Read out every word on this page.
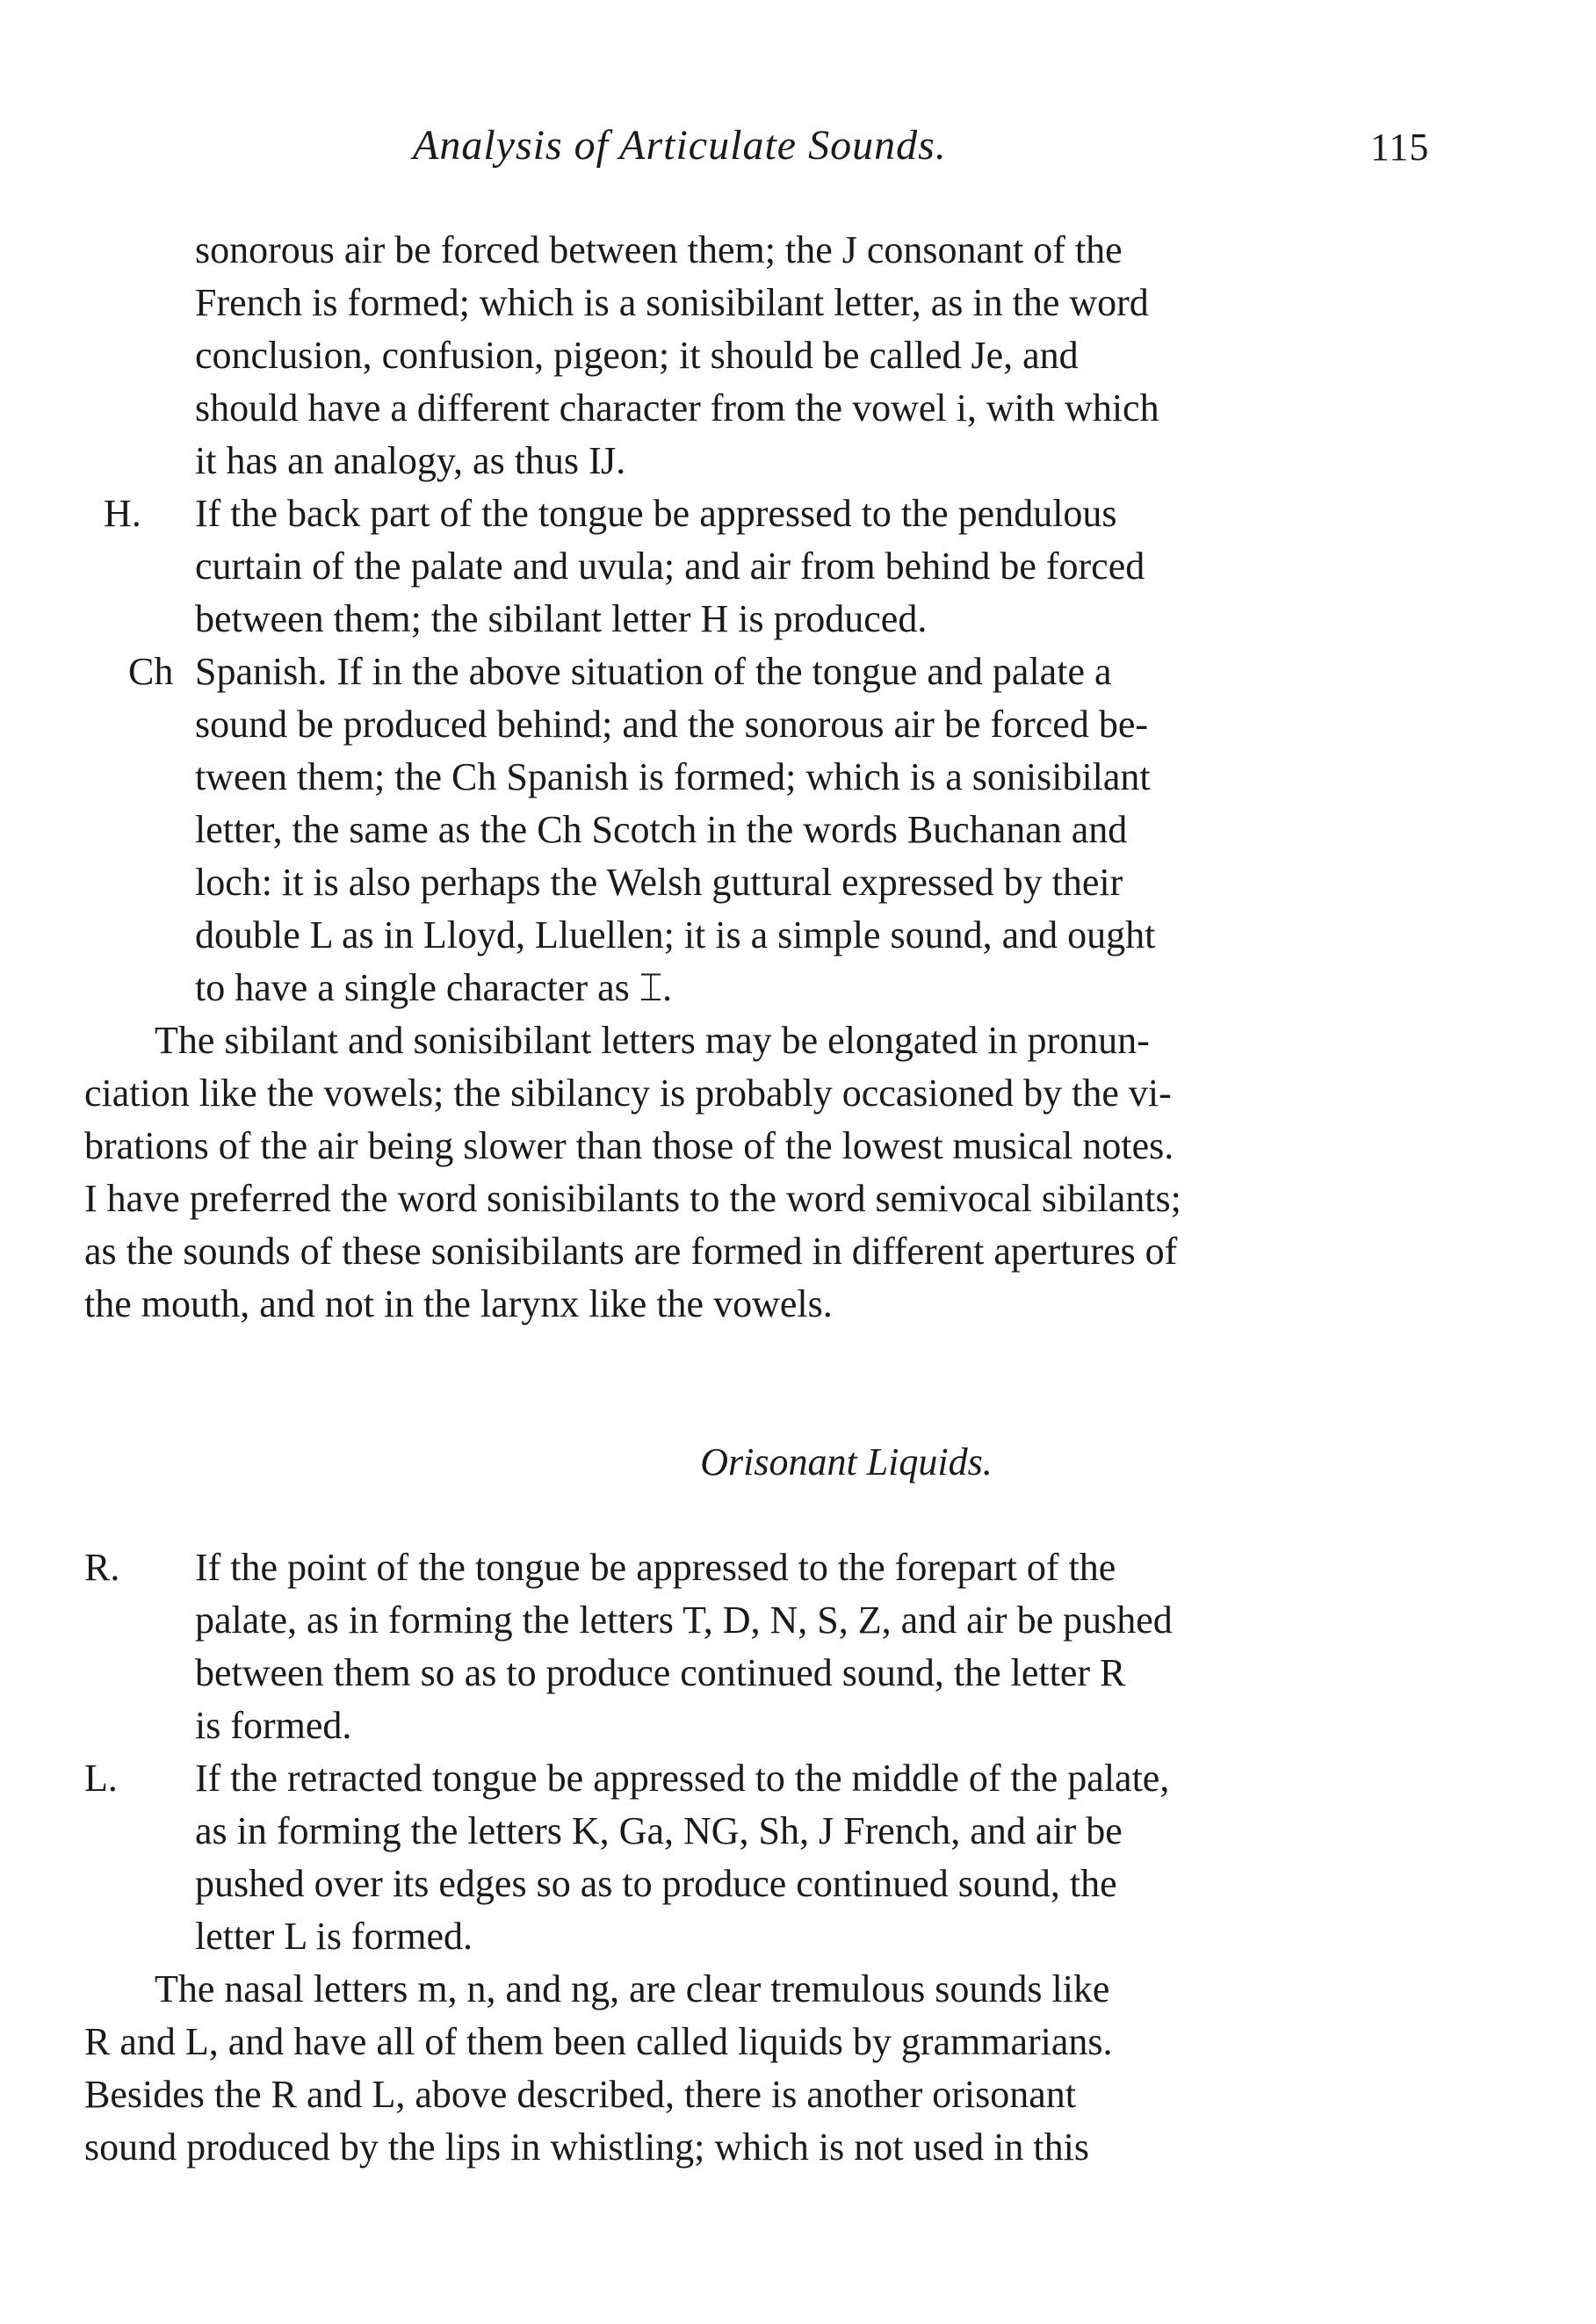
Analysis of Articulate Sounds.	115
sonorous air be forced between them; the J consonant of the
French is formed; which is a sonisibilant letter, as in the word
conclusion, confusion, pigeon; it should be called Je, and
should have a different character from the vowel i, with which
it has an analogy, as thus Ĳ.
H. If the back part of the tongue be appressed to the pendulous
curtain of the palate and uvula; and air from behind be forced
between them; the sibilant letter H is produced.
Ch Spanish. If in the above situation of the tongue and palate a
sound be produced behind; and the sonorous air be forced be-
tween them; the Ch Spanish is formed; which is a sonisibilant
letter, the same as the Ch Scotch in the words Buchanan and
loch: it is also perhaps the Welsh guttural expressed by their
double L as in Lloyd, Lluellen; it is a simple sound, and ought
to have a single character as ⌶.
The sibilant and sonisibilant letters may be elongated in pronun-
ciation like the vowels; the sibilancy is probably occasioned by the vi-
brations of the air being slower than those of the lowest musical notes.
I have preferred the word sonisibilants to the word semivocal sibilants;
as the sounds of these sonisibilants are formed in different apertures of
the mouth, and not in the larynx like the vowels.
Orisonant Liquids.
R. If the point of the tongue be appressed to the forepart of the
palate, as in forming the letters T, D, N, S, Z, and air be pushed
between them so as to produce continued sound, the letter R
is formed.
L. If the retracted tongue be appressed to the middle of the palate,
as in forming the letters K, Ga, NG, Sh, J French, and air be
pushed over its edges so as to produce continued sound, the
letter L is formed.
The nasal letters m, n, and ng, are clear tremulous sounds like
R and L, and have all of them been called liquids by grammarians.
Besides the R and L, above described, there is another orisonant
sound produced by the lips in whistling; which is not used in this
